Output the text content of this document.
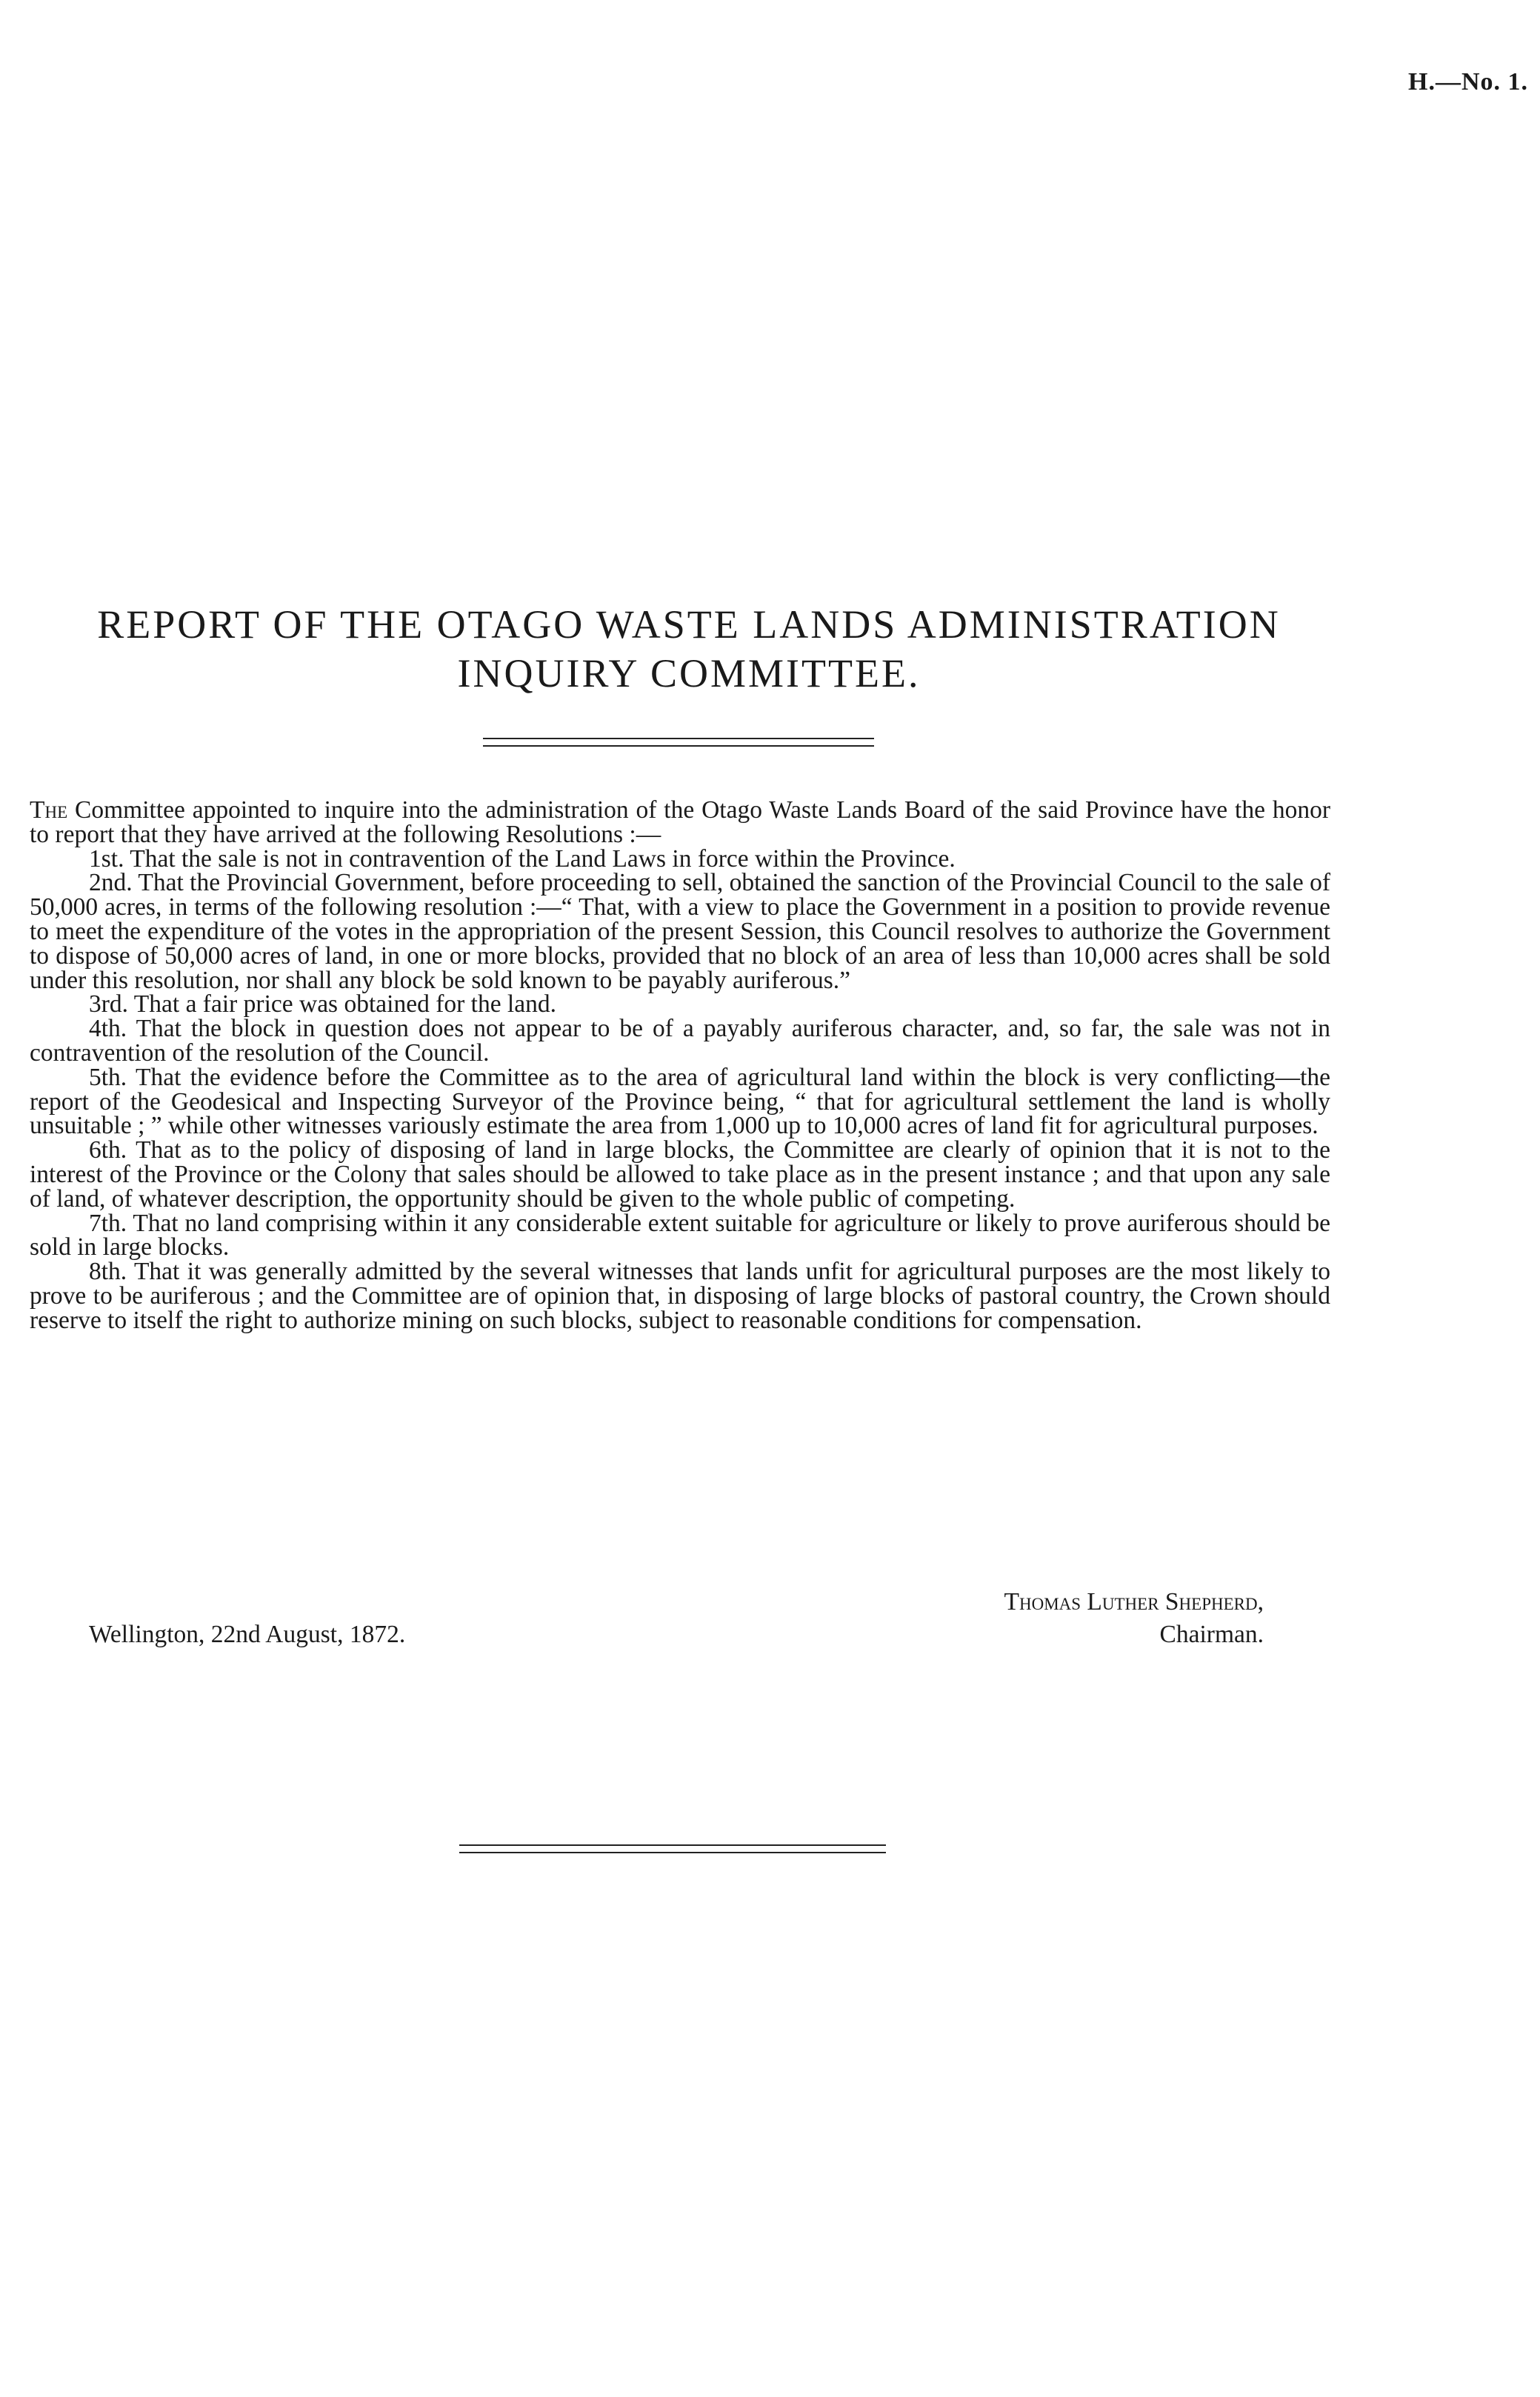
H.—No. 1.
REPORT OF THE OTAGO WASTE LANDS ADMINISTRATION
INQUIRY COMMITTEE.

The Committee appointed to inquire into the administration of the Otago Waste Lands Board of the said Province have the honor to report that they have arrived at the following Resolutions :—

1st. That the sale is not in contravention of the Land Laws in force within the Province.

2nd. That the Provincial Government, before proceeding to sell, obtained the sanction of the Provincial Council to the sale of 50,000 acres, in terms of the following resolution :—“ That, with a view to place the Government in a position to provide revenue to meet the expenditure of the votes in the appropriation of the present Session, this Council resolves to authorize the Government to dispose of 50,000 acres of land, in one or more blocks, provided that no block of an area of less than 10,000 acres shall be sold under this resolution, nor shall any block be sold known to be payably auriferous.”

3rd. That a fair price was obtained for the land.

4th. That the block in question does not appear to be of a payably auriferous character, and, so far, the sale was not in contravention of the resolution of the Council.

5th. That the evidence before the Committee as to the area of agricultural land within the block is very conflicting—the report of the Geodesical and Inspecting Surveyor of the Province being, “ that for agricultural settlement the land is wholly unsuitable ; ” while other witnesses variously estimate the area from 1,000 up to 10,000 acres of land fit for agricultural purposes.

6th. That as to the policy of disposing of land in large blocks, the Committee are clearly of opinion that it is not to the interest of the Province or the Colony that sales should be allowed to take place as in the present instance ; and that upon any sale of land, of whatever description, the opportunity should be given to the whole public of competing.

7th. That no land comprising within it any considerable extent suitable for agriculture or likely to prove auriferous should be sold in large blocks.

8th. That it was generally admitted by the several witnesses that lands unfit for agricultural purposes are the most likely to prove to be auriferous ; and the Committee are of opinion that, in disposing of large blocks of pastoral country, the Crown should reserve to itself the right to authorize mining on such blocks, subject to reasonable conditions for compensation.

Thomas Luther Shepherd,
Wellington, 22nd August, 1872.	Chairman.
